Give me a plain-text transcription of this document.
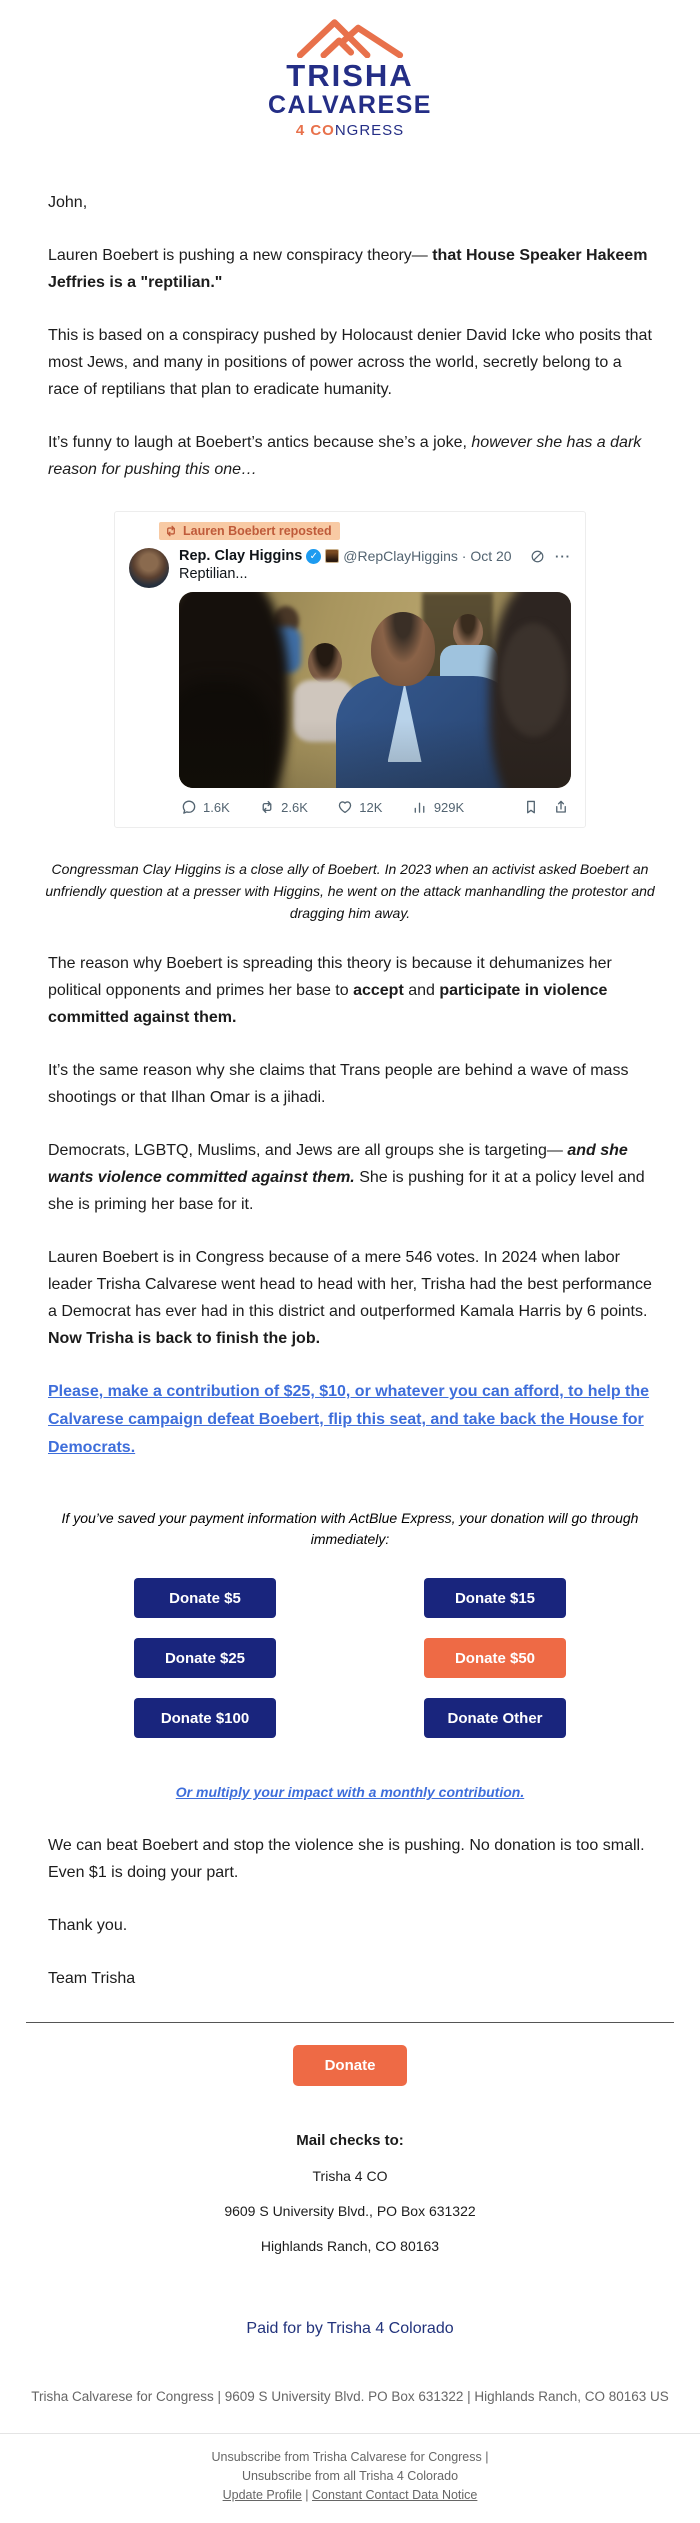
TRISHA
CALVARESE
4 CONGRESS

John,

Lauren Boebert is pushing a new conspiracy theory— that House Speaker Hakeem Jeffries is a "reptilian."

This is based on a conspiracy pushed by Holocaust denier David Icke who posits that most Jews, and many in positions of power across the world, secretly belong to a race of reptilians that plan to eradicate humanity.

It’s funny to laugh at Boebert’s antics because she’s a joke, however she has a dark reason for pushing this one…

Lauren Boebert reposted
Rep. Clay Higgins ✓	@RepClayHiggins · Oct 20
···
Reptilian...
1.6K	2.6K	12K	929K

Congressman Clay Higgins is a close ally of Boebert. In 2023 when an activist asked Boebert an unfriendly question at a presser with Higgins, he went on the attack manhandling the protestor and dragging him away.

The reason why Boebert is spreading this theory is because it dehumanizes her political opponents and primes her base to accept and participate in violence committed against them.

It’s the same reason why she claims that Trans people are behind a wave of mass shootings or that Ilhan Omar is a jihadi.

Democrats, LGBTQ, Muslims, and Jews are all groups she is targeting— and she wants violence committed against them. She is pushing for it at a policy level and she is priming her base for it.

Lauren Boebert is in Congress because of a mere 546 votes. In 2024 when labor leader Trisha Calvarese went head to head with her, Trisha had the best performance a Democrat has ever had in this district and outperformed Kamala Harris by 6 points. Now Trisha is back to finish the job.

Please, make a contribution of $25, $10, or whatever you can afford, to help the Calvarese campaign defeat Boebert, flip this seat, and take back the House for Democrats.

If you’ve saved your payment information with ActBlue Express, your donation will go through immediately:

Donate $5	Donate $15
Donate $25	Donate $50
Donate $100	Donate Other

Or multiply your impact with a monthly contribution.

We can beat Boebert and stop the violence she is pushing. No donation is too small. Even $1 is doing your part.

Thank you.

Team Trisha

Donate
Mail checks to:
Trisha 4 CO
9609 S University Blvd., PO Box 631322
Highlands Ranch, CO 80163
Paid for by Trisha 4 Colorado
Trisha Calvarese for Congress | 9609 S University Blvd. PO Box 631322 | Highlands Ranch, CO 80163 US
Unsubscribe from Trisha Calvarese for Congress |
Unsubscribe from all Trisha 4 Colorado
Update Profile | Constant Contact Data Notice
